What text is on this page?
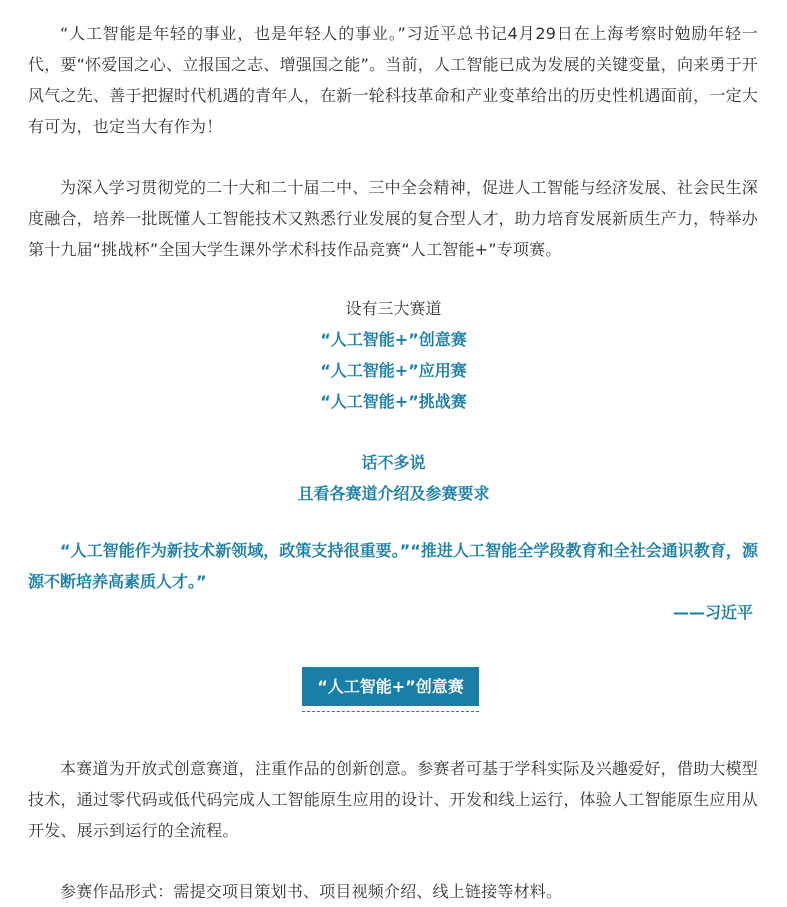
“人工智能是年轻的事业，也是年轻人的事业。”习近平总书记4月29日在上海考察时勉励年轻一代，要“怀爱国之心、立报国之志、增强国之能”。当前，人工智能已成为发展的关键变量，向来勇于开风气之先、善于把握时代机遇的青年人，在新一轮科技革命和产业变革给出的历史性机遇面前，一定大有可为，也定当大有作为！

为深入学习贯彻党的二十大和二十届二中、三中全会精神，促进人工智能与经济发展、社会民生深度融合，培养一批既懂人工智能技术又熟悉行业发展的复合型人才，助力培育发展新质生产力，特举办第十九届“挑战杯”全国大学生课外学术科技作品竞赛“人工智能+”专项赛。

设有三大赛道

“人工智能+”创意赛

“人工智能+”应用赛

“人工智能+”挑战赛

话不多说

且看各赛道介绍及参赛要求

“人工智能作为新技术新领域，政策支持很重要。”“推进人工智能全学段教育和全社会通识教育，源源不断培养高素质人才。”

——习近平

“人工智能+”创意赛

本赛道为开放式创意赛道，注重作品的创新创意。参赛者可基于学科实际及兴趣爱好，借助大模型技术，通过零代码或低代码完成人工智能原生应用的设计、开发和线上运行，体验人工智能原生应用从开发、展示到运行的全流程。

参赛作品形式：需提交项目策划书、项目视频介绍、线上链接等材料。
